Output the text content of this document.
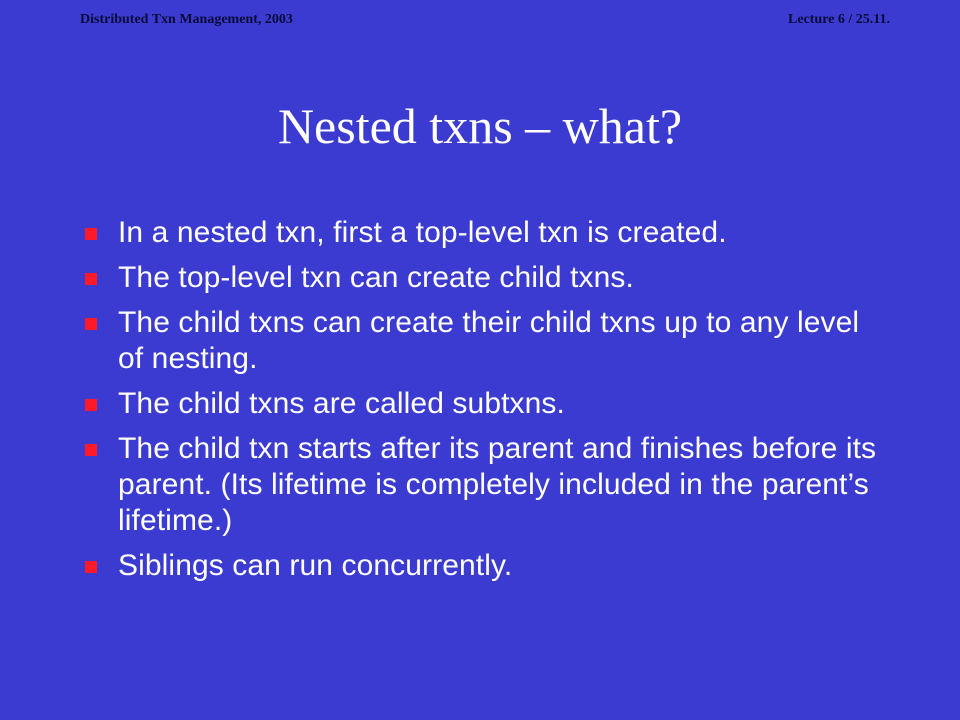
Distributed Txn Management, 2003	Lecture 6 / 25.11.
Nested txns – what?
In a nested txn, first a top-level txn is created.
The top-level txn can create child txns.
The child txns can create their child txns up to any level of nesting.
The child txns are called subtxns.
The child txn starts after its parent and finishes before its parent. (Its lifetime is completely included in the parent’s lifetime.)
Siblings can run concurrently.
